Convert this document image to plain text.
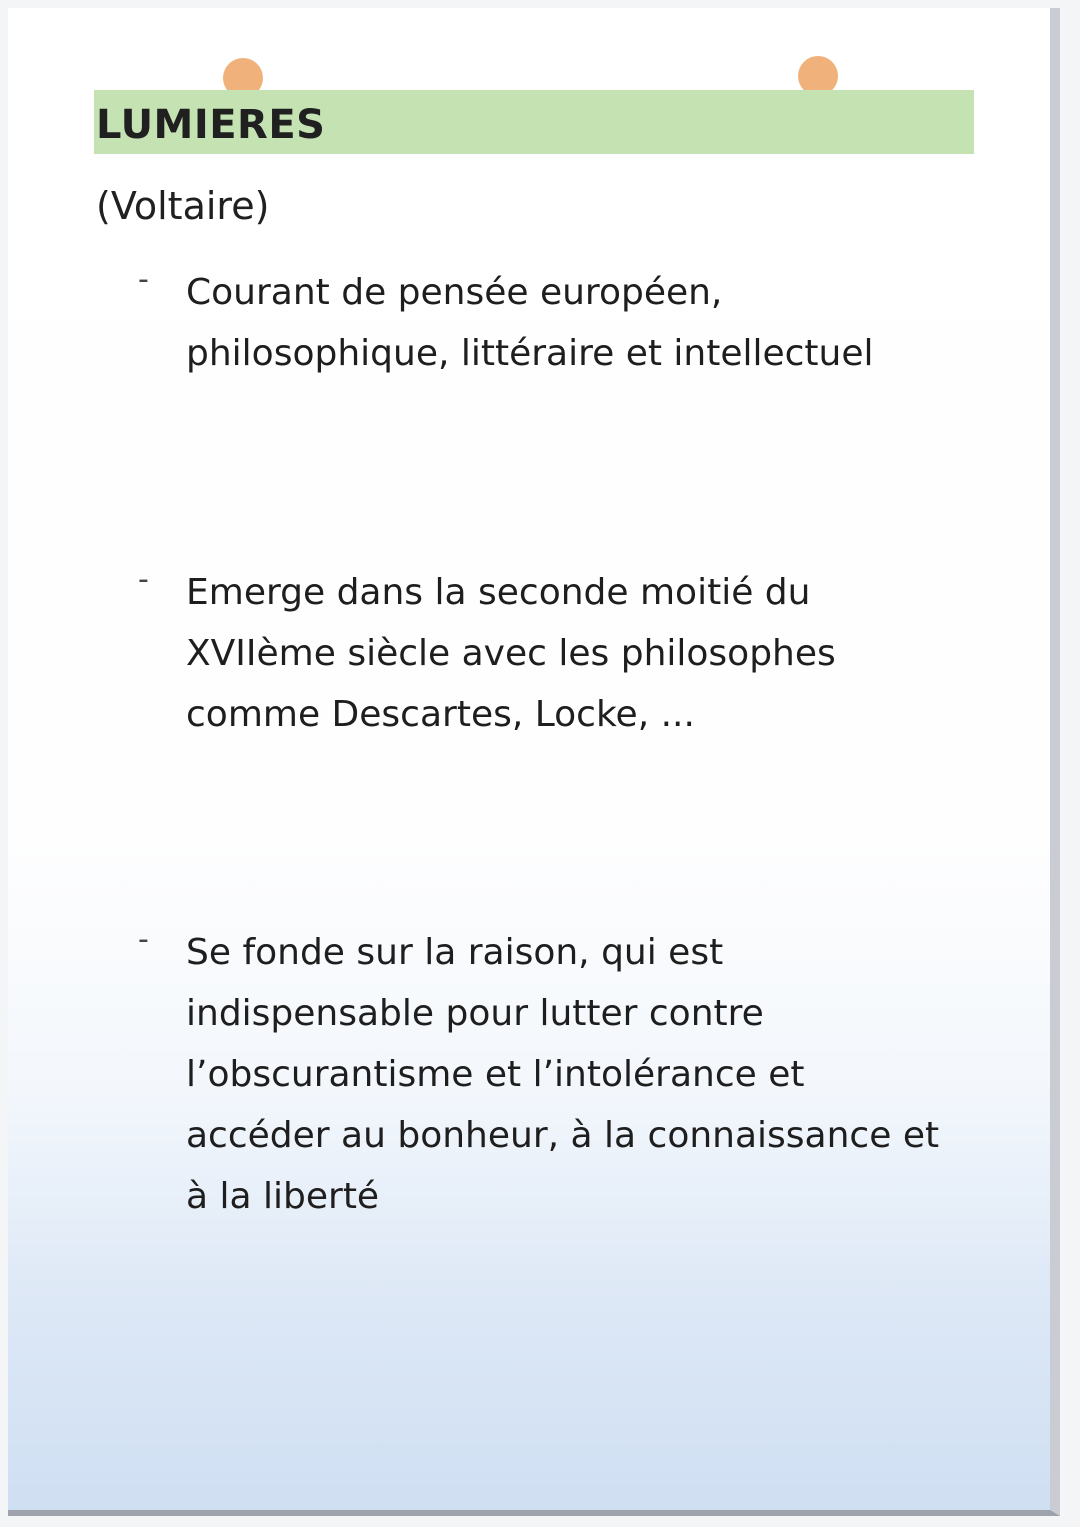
LUMIERES

(Voltaire)

- Courant de pensée européen,
philosophique, littéraire et intellectuel

- Emerge dans la seconde moitié du
XVIIème siècle avec les philosophes
comme Descartes, Locke, ...

- Se fonde sur la raison, qui est
indispensable pour lutter contre
l’obscurantisme et l’intolérance et
accéder au bonheur, à la connaissance et
à la liberté
